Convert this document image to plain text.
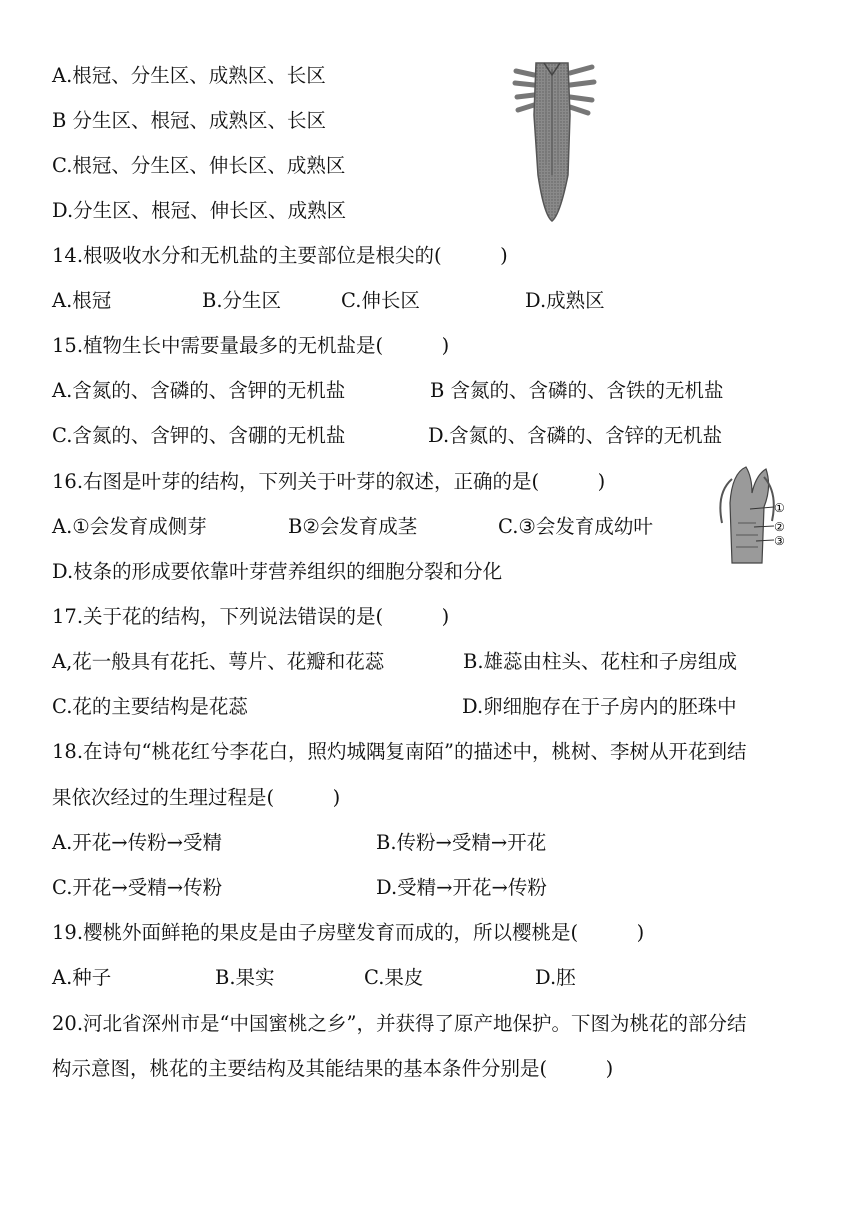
A.根冠、分生区、成熟区、长区
B 分生区、根冠、成熟区、长区
C.根冠、分生区、伸长区、成熟区
D.分生区、根冠、伸长区、成熟区
14.根吸收水分和无机盐的主要部位是根尖的(　　　)
A.根冠	B.分生区	C.伸长区	D.成熟区
15.植物生长中需要量最多的无机盐是(　　　)
A.含氮的、含磷的、含钾的无机盐	B 含氮的、含磷的、含铁的无机盐
C.含氮的、含钾的、含硼的无机盐	D.含氮的、含磷的、含锌的无机盐
16.右图是叶芽的结构，下列关于叶芽的叙述，正确的是(　　　)
A.①会发育成侧芽	B②会发育成茎	C.③会发育成幼叶
D.枝条的形成要依靠叶芽营养组织的细胞分裂和分化
①
②
③
17.关于花的结构，下列说法错误的是(　　　)
A,花一般具有花托、萼片、花瓣和花蕊	B.雄蕊由柱头、花柱和子房组成
C.花的主要结构是花蕊	D.卵细胞存在于子房内的胚珠中
18.在诗句“桃花红兮李花白，照灼城隅复南陌”的描述中，桃树、李树从开花到结
果依次经过的生理过程是(　　　)
A.开花→传粉→受精	B.传粉→受精→开花
C.开花→受精→传粉	D.受精→开花→传粉
19.樱桃外面鲜艳的果皮是由子房壁发育而成的，所以樱桃是(　　　)
A.种子	B.果实	C.果皮	D.胚
20.河北省深州市是“中国蜜桃之乡”，并获得了原产地保护。下图为桃花的部分结
构示意图，桃花的主要结构及其能结果的基本条件分别是(　　　)
